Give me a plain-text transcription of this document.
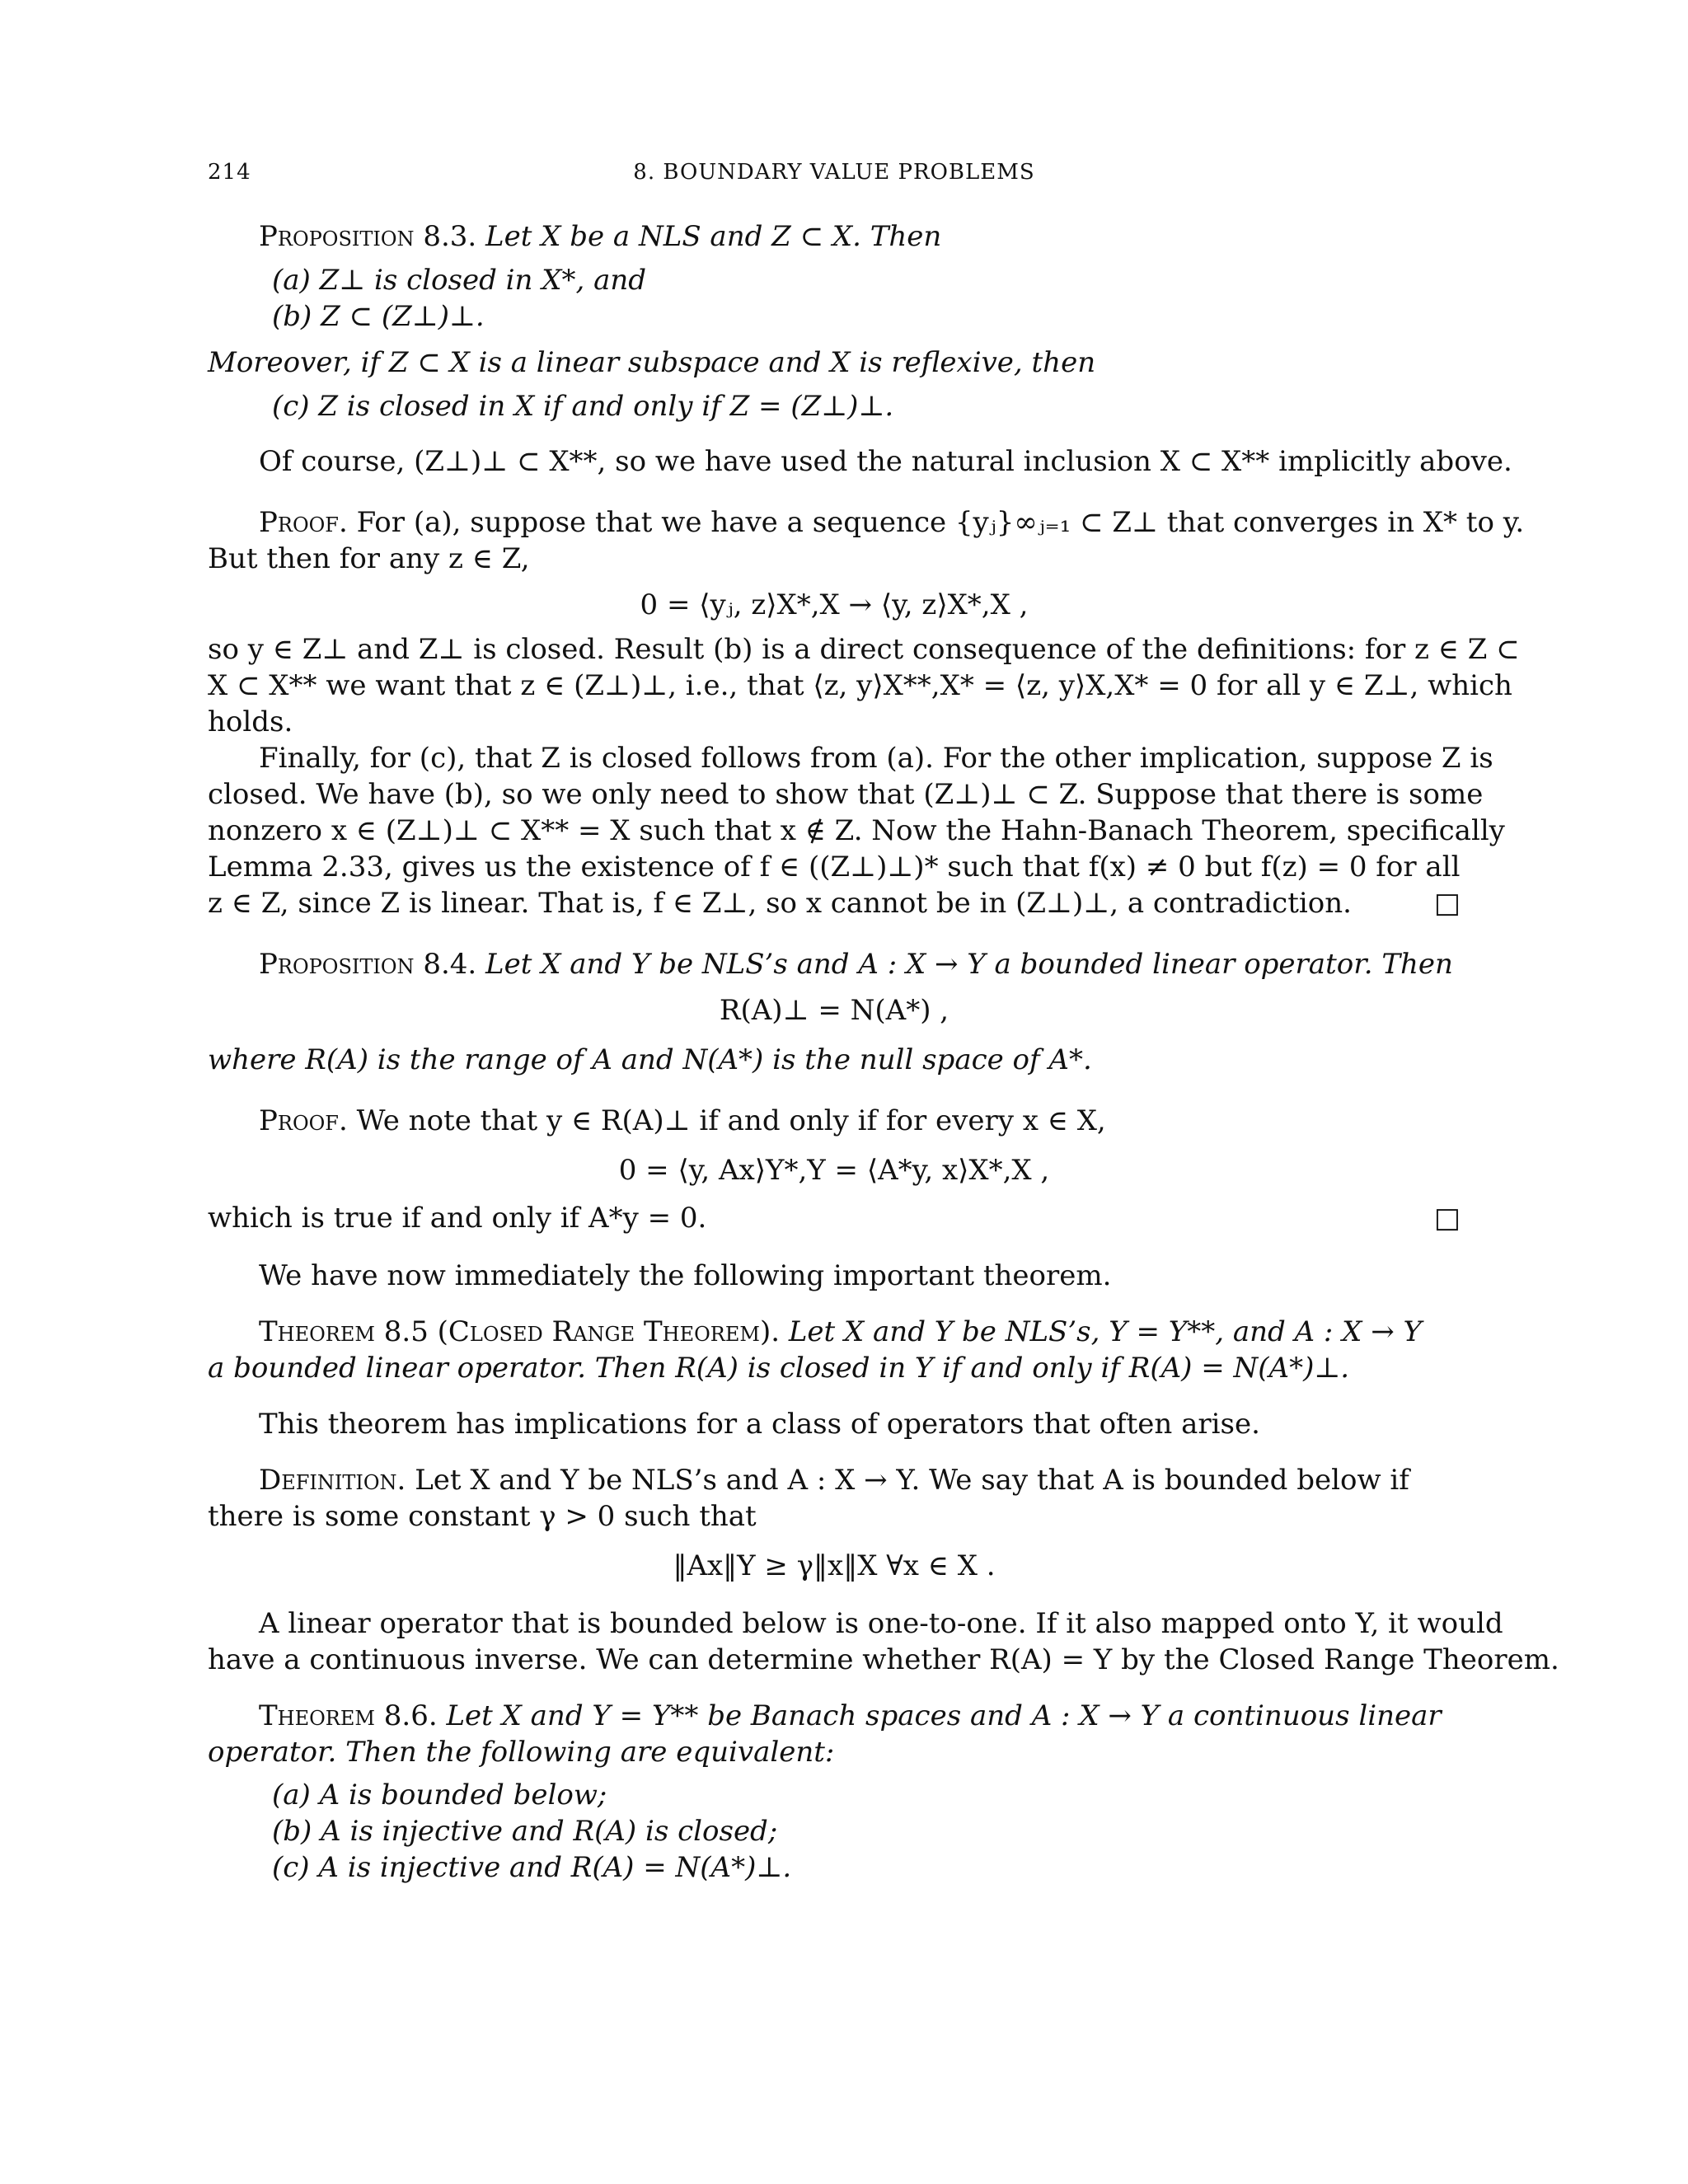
214	8. BOUNDARY VALUE PROBLEMS
Proposition 8.3. Let X be a NLS and Z ⊂ X. Then
(a) Z⊥ is closed in X*, and
(b) Z ⊂ (Z⊥)⊥.
Moreover, if Z ⊂ X is a linear subspace and X is reflexive, then
(c) Z is closed in X if and only if Z = (Z⊥)⊥.
Of course, (Z⊥)⊥ ⊂ X**, so we have used the natural inclusion X ⊂ X** implicitly above.
Proof. For (a), suppose that we have a sequence {yⱼ}∞ⱼ₌₁ ⊂ Z⊥ that converges in X* to y.
But then for any z ∈ Z,
0 = ⟨yⱼ, z⟩X*,X → ⟨y, z⟩X*,X ,
so y ∈ Z⊥ and Z⊥ is closed. Result (b) is a direct consequence of the definitions: for z ∈ Z ⊂
X ⊂ X** we want that z ∈ (Z⊥)⊥, i.e., that ⟨z, y⟩X**,X* = ⟨z, y⟩X,X* = 0 for all y ∈ Z⊥, which
holds.
Finally, for (c), that Z is closed follows from (a). For the other implication, suppose Z is
closed. We have (b), so we only need to show that (Z⊥)⊥ ⊂ Z. Suppose that there is some
nonzero x ∈ (Z⊥)⊥ ⊂ X** = X such that x ∉ Z. Now the Hahn-Banach Theorem, specifically
Lemma 2.33, gives us the existence of f ∈ ((Z⊥)⊥)* such that f(x) ≠ 0 but f(z) = 0 for all
z ∈ Z, since Z is linear. That is, f ∈ Z⊥, so x cannot be in (Z⊥)⊥, a contradiction.	□
Proposition 8.4. Let X and Y be NLS’s and A : X → Y a bounded linear operator. Then
R(A)⊥ = N(A*) ,
where R(A) is the range of A and N(A*) is the null space of A*.
Proof. We note that y ∈ R(A)⊥ if and only if for every x ∈ X,
0 = ⟨y, Ax⟩Y*,Y = ⟨A*y, x⟩X*,X ,
which is true if and only if A*y = 0.	□
We have now immediately the following important theorem.
Theorem 8.5 (Closed Range Theorem). Let X and Y be NLS’s, Y = Y**, and A : X → Y
a bounded linear operator. Then R(A) is closed in Y if and only if R(A) = N(A*)⊥.
This theorem has implications for a class of operators that often arise.
Definition. Let X and Y be NLS’s and A : X → Y. We say that A is bounded below if
there is some constant γ > 0 such that
‖Ax‖Y ≥ γ‖x‖X ∀x ∈ X .
A linear operator that is bounded below is one-to-one. If it also mapped onto Y, it would
have a continuous inverse. We can determine whether R(A) = Y by the Closed Range Theorem.
Theorem 8.6. Let X and Y = Y** be Banach spaces and A : X → Y a continuous linear
operator. Then the following are equivalent:
(a) A is bounded below;
(b) A is injective and R(A) is closed;
(c) A is injective and R(A) = N(A*)⊥.
